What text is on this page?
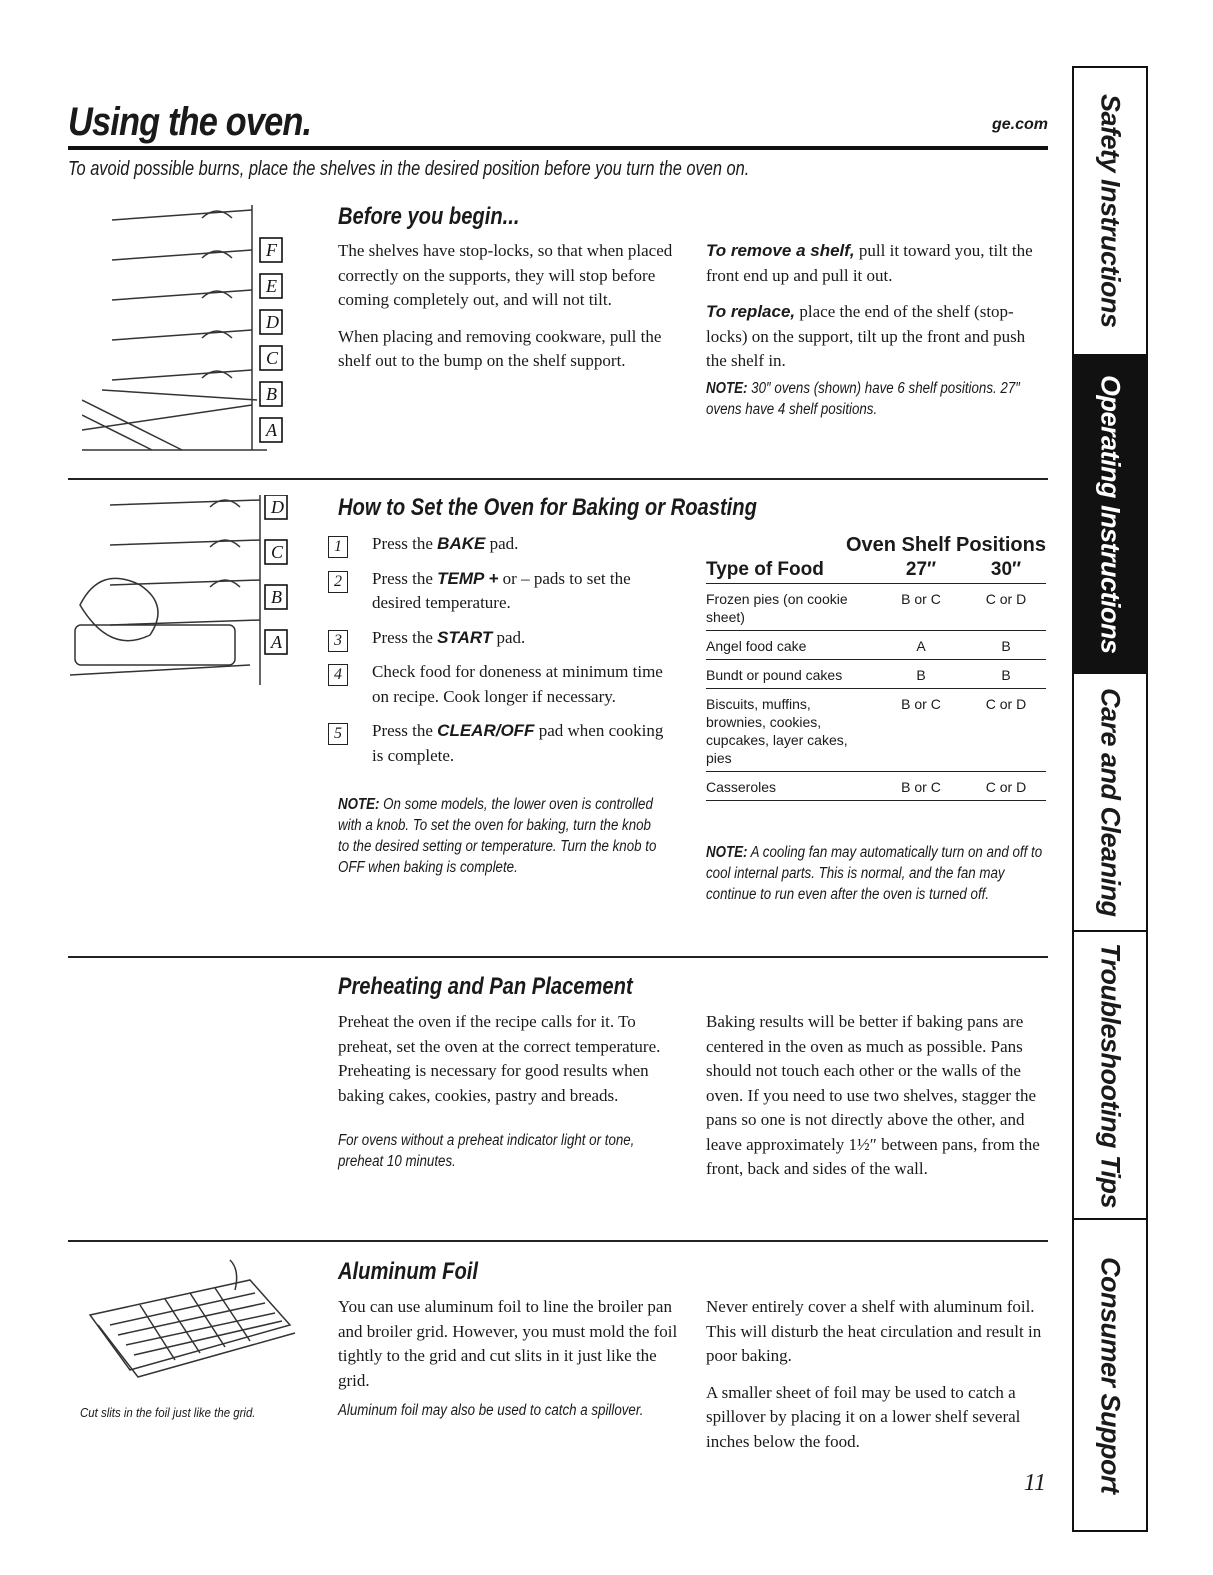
Using the oven.	ge.com
To avoid possible burns, place the shelves in the desired position before you turn the oven on.
F
E
D
C
B
A
Before you begin...

The shelves have stop-locks, so that when placed correctly on the supports, they will stop before coming completely out, and will not tilt.

When placing and removing cookware, pull the shelf out to the bump on the shelf support.

To remove a shelf, pull it toward you, tilt the front end up and pull it out.

To replace, place the end of the shelf (stop-locks) on the support, tilt up the front and push the shelf in.

NOTE: 30″ ovens (shown) have 6 shelf positions. 27″ ovens have 4 shelf positions.
D
C
B
A
How to Set the Oven for Baking or Roasting
1	Press the BAKE pad.
2	Press the TEMP + or – pads to set the desired temperature.
3	Press the START pad.
4	Check food for doneness at minimum time on recipe. Cook longer if necessary.
5	Press the CLEAR/OFF pad when cooking is complete.
NOTE: On some models, the lower oven is controlled with a knob. To set the oven for baking, turn the knob to the desired setting or temperature. Turn the knob to OFF when baking is complete.
Oven Shelf Positions
Type of Food	27″	30″
Frozen pies (on cookie sheet)	B or C	C or D
Angel food cake	A	B
Bundt or pound cakes	B	B
Biscuits, muffins, brownies, cookies, cupcakes, layer cakes, pies	B or C	C or D
Casseroles	B or C	C or D
NOTE: A cooling fan may automatically turn on and off to cool internal parts. This is normal, and the fan may continue to run even after the oven is turned off.
Preheating and Pan Placement

Preheat the oven if the recipe calls for it. To preheat, set the oven at the correct temperature. Preheating is necessary for good results when baking cakes, cookies, pastry and breads.

For ovens without a preheat indicator light or tone, preheat 10 minutes.
Baking results will be better if baking pans are centered in the oven as much as possible. Pans should not touch each other or the walls of the oven. If you need to use two shelves, stagger the pans so one is not directly above the other, and leave approximately 1½″ between pans, from the front, back and sides of the wall.
Cut slits in the foil just like the grid.
Aluminum Foil

You can use aluminum foil to line the broiler pan and broiler grid. However, you must mold the foil tightly to the grid and cut slits in it just like the grid.

Aluminum foil may also be used to catch a spillover.

Never entirely cover a shelf with aluminum foil. This will disturb the heat circulation and result in poor baking.

A smaller sheet of foil may be used to catch a spillover by placing it on a lower shelf several inches below the food.

11
Safety Instructions
Operating Instructions
Care and Cleaning
Troubleshooting Tips
Consumer Support
